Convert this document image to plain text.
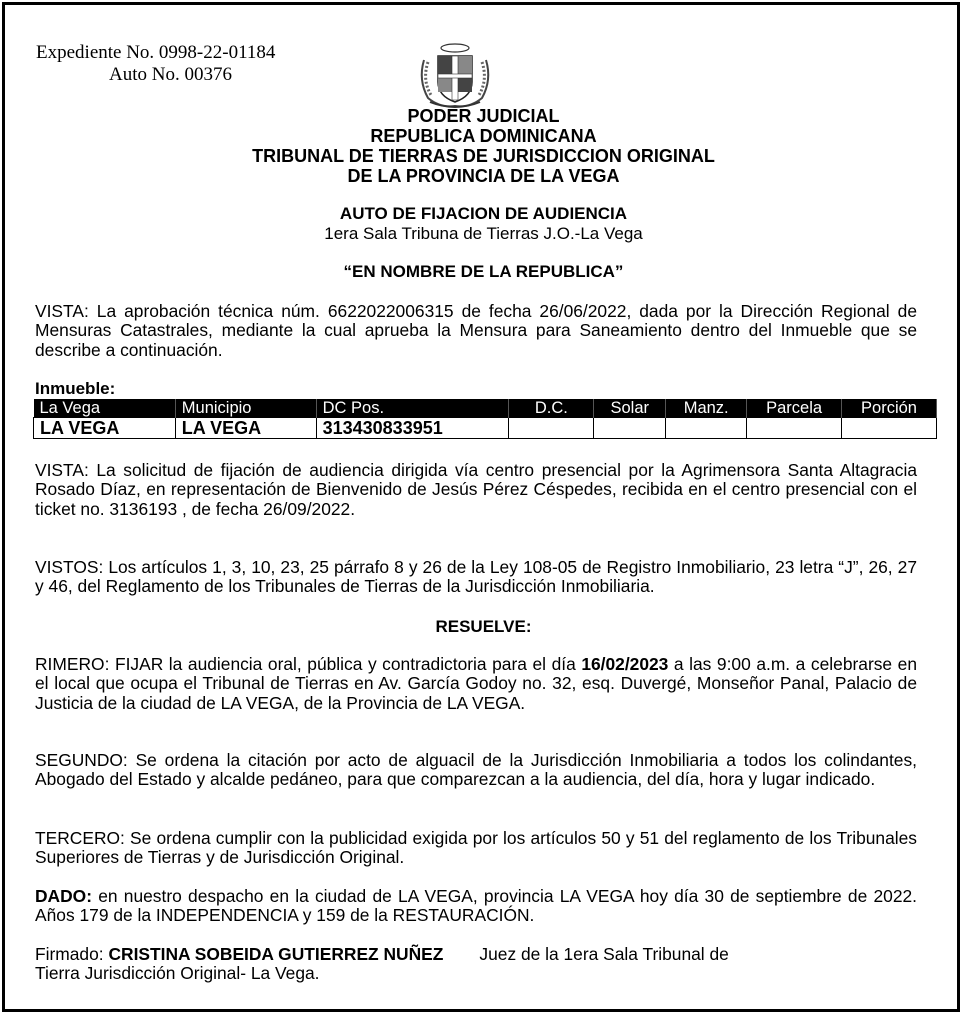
Expediente No. 0998-22-01184
Auto No. 00376
PODER JUDICIAL
REPUBLICA DOMINICANA
TRIBUNAL DE TIERRAS DE JURISDICCION ORIGINAL
DE LA PROVINCIA DE LA VEGA
AUTO DE FIJACION DE AUDIENCIA
1era Sala Tribuna de Tierras J.O.-La Vega
“EN NOMBRE DE LA REPUBLICA”

VISTA: La aprobación técnica núm. 6622022006315 de fecha 26/06/2022, dada por la Dirección Regional de Mensuras Catastrales, mediante la cual aprueba la Mensura para Saneamiento dentro del Inmueble que se describe a continuación.

Inmueble:
La Vega	Municipio	DC Pos.	D.C.	Solar	Manz.	Parcela	Porción
LA VEGA	LA VEGA	313430833951					

VISTA: La solicitud de fijación de audiencia dirigida vía centro presencial por la Agrimensora Santa Altagracia Rosado Díaz, en representación de Bienvenido de Jesús Pérez Céspedes, recibida en el centro presencial con el ticket no. 3136193 , de fecha 26/09/2022.

VISTOS: Los artículos 1, 3, 10, 23, 25 párrafo 8 y 26 de la Ley 108-05 de Registro Inmobiliario, 23 letra “J”, 26, 27 y 46, del Reglamento de los Tribunales de Tierras de la Jurisdicción Inmobiliaria.

RESUELVE:

RIMERO: FIJAR la audiencia oral, pública y contradictoria para el día 16/02/2023 a las 9:00 a.m. a celebrarse en el local que ocupa el Tribunal de Tierras en Av. García Godoy no. 32, esq. Duvergé, Monseñor Panal, Palacio de Justicia de la ciudad de LA VEGA, de la Provincia de LA VEGA.

SEGUNDO: Se ordena la citación por acto de alguacil de la Jurisdicción Inmobiliaria a todos los colindantes, Abogado del Estado y alcalde pedáneo, para que comparezcan a la audiencia, del día, hora y lugar indicado.

TERCERO: Se ordena cumplir con la publicidad exigida por los artículos 50 y 51 del reglamento de los Tribunales Superiores de Tierras y de Jurisdicción Original.

DADO: en nuestro despacho en la ciudad de LA VEGA, provincia LA VEGA hoy día 30 de septiembre de 2022. Años 179 de la INDEPENDENCIA y 159 de la RESTAURACIÓN.

Firmado: CRISTINA SOBEIDA GUTIERREZ NUÑEZ Juez de la 1era Sala Tribunal de
Tierra Jurisdicción Original- La Vega.
